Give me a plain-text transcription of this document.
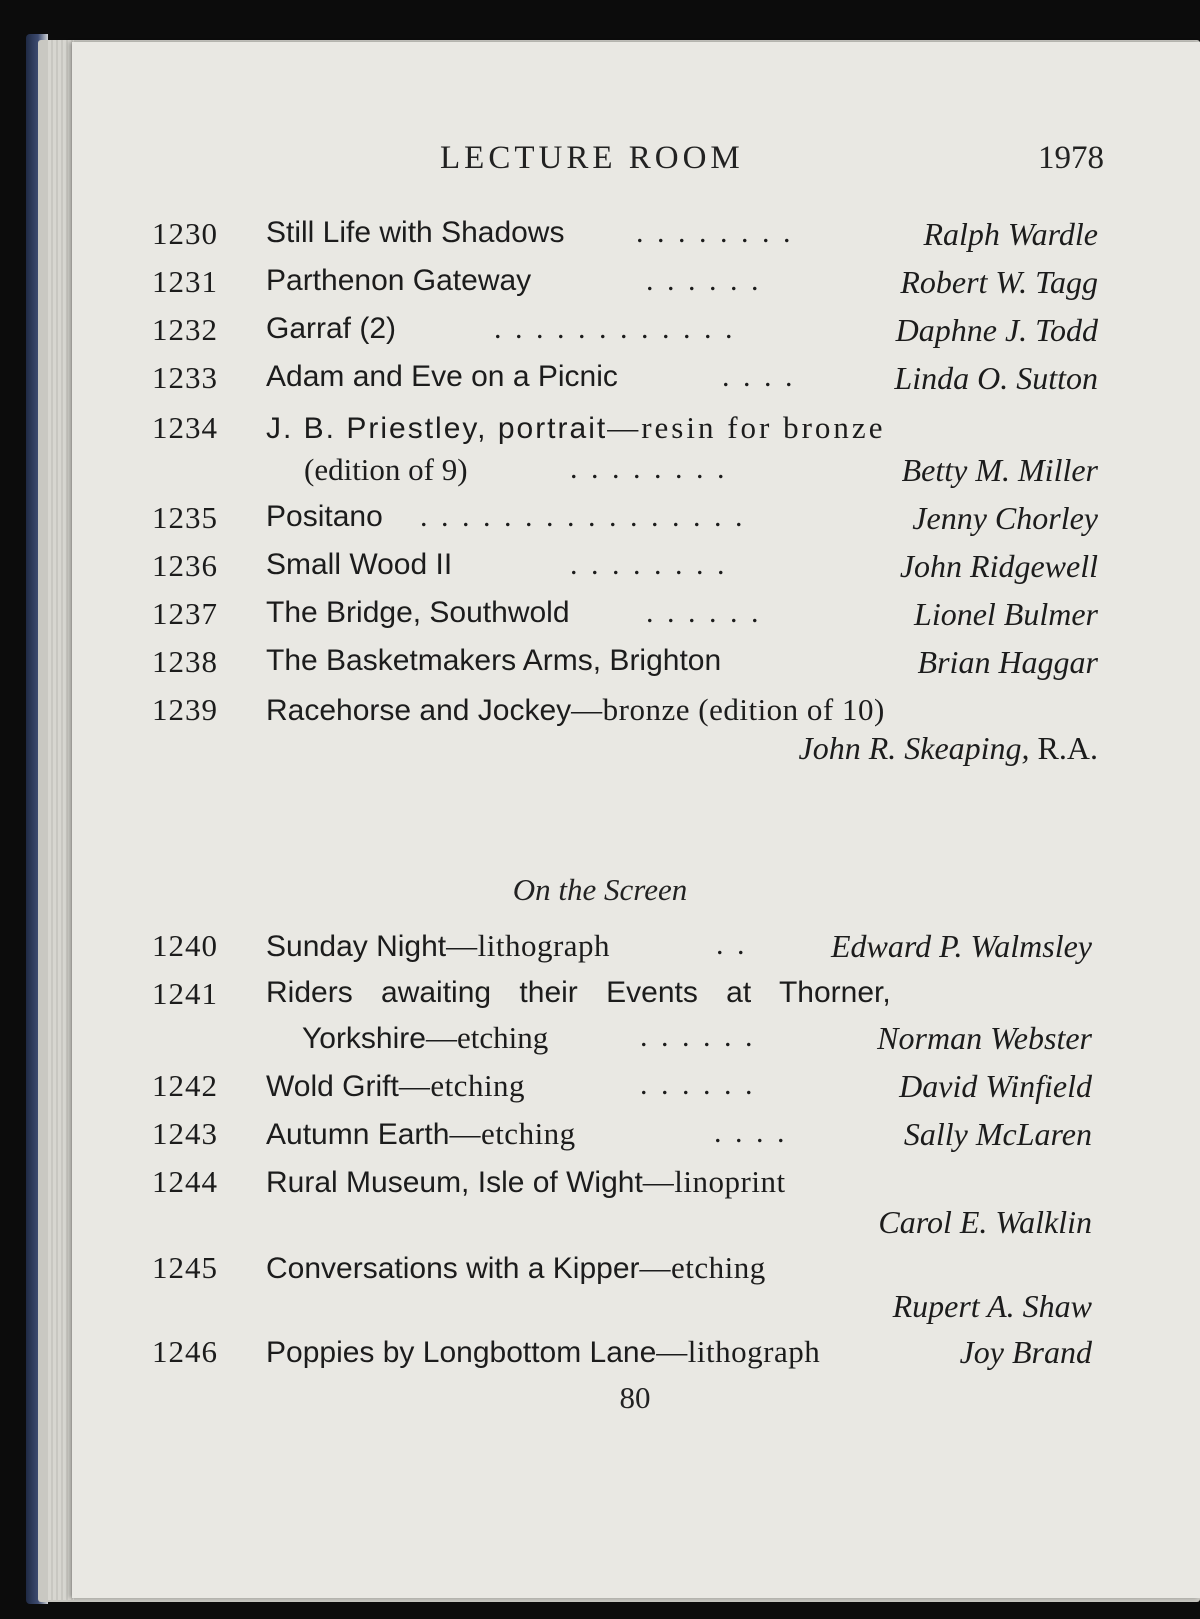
LECTURE ROOM	1978
1230 Still Life with Shadows . . . . . . . .	Ralph Wardle
1231 Parthenon Gateway	. . . . . .	Robert W. Tagg
1232 Garraf (2)	. . . . . . . . . . . .	Daphne J. Todd
1233 Adam and Eve on a Picnic	. . . .	Linda O. Sutton
1234 J. B. Priestley, portrait—resin for bronze
(edition of 9)	. . . . . . . .	Betty M. Miller
1235 Positano . . . . . . . . . . . . . . . .	Jenny Chorley
1236 Small Wood II	. . . . . . . .	John Ridgewell
1237 The Bridge, Southwold	. . . . . .	Lionel Bulmer
1238 The Basketmakers Arms, Brighton	Brian Haggar
1239 Racehorse and Jockey—bronze (edition of 10)
John R. Skeaping, R.A.
On the Screen
1240 Sunday Night—lithograph	. .	Edward P. Walmsley
1241 Riders awaiting their Events at Thorner,
Yorkshire—etching	. . . . . .	Norman Webster
1242 Wold Grift—etching	. . . . . .	David Winfield
1243 Autumn Earth—etching	. . . .	Sally McLaren
1244 Rural Museum, Isle of Wight—linoprint
Carol E. Walklin
1245 Conversations with a Kipper—etching
Rupert A. Shaw
1246 Poppies by Longbottom Lane—lithograph	Joy Brand
80
